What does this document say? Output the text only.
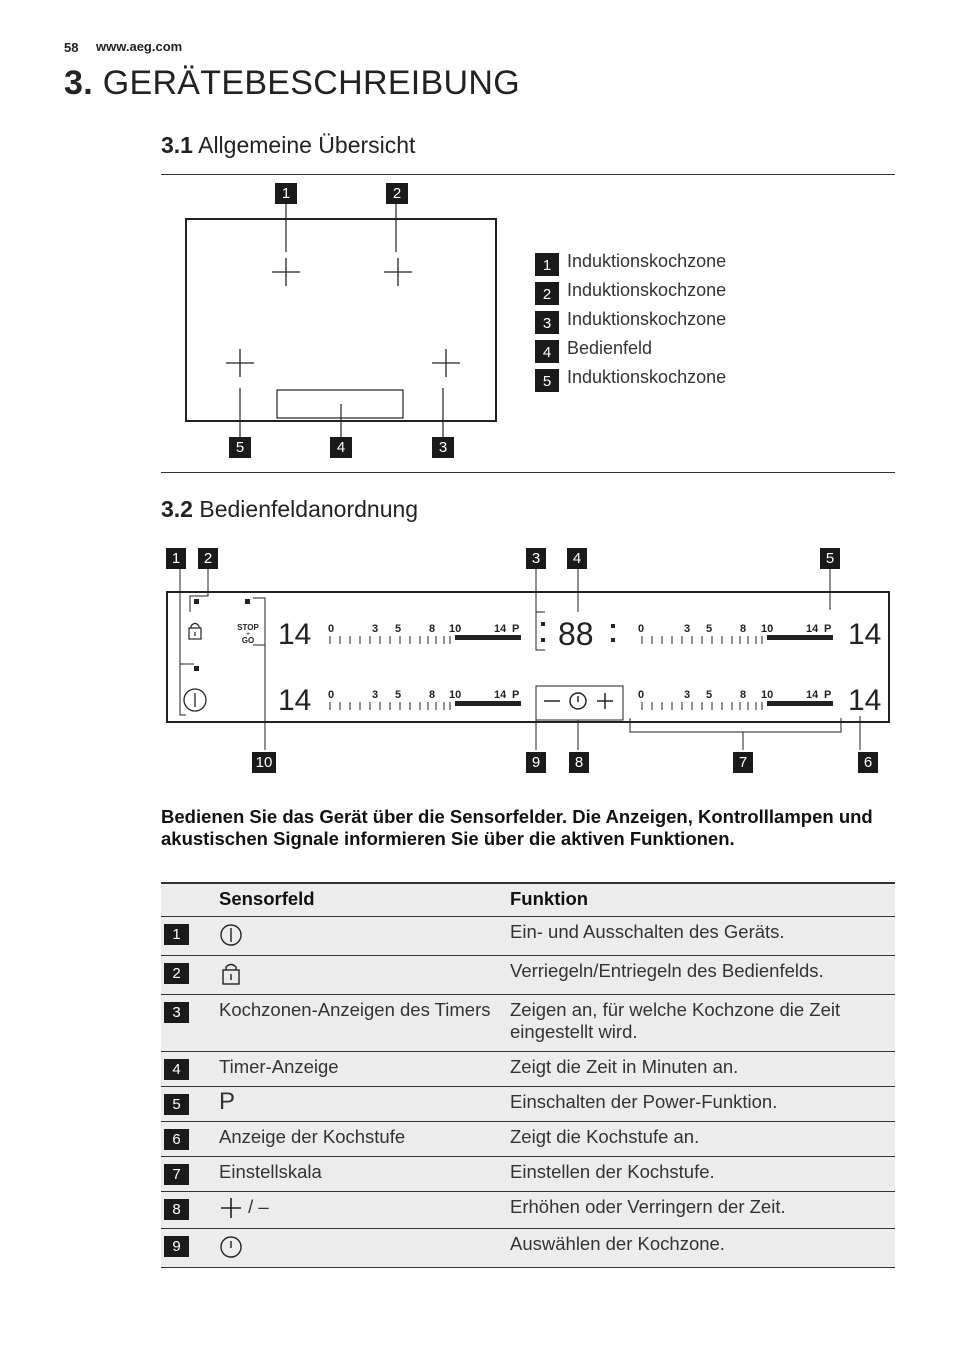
58 www.aeg.com
3. GERÄTEBESCHREIBUNG
3.1 Allgemeine Übersicht
1	2
5	4	3
1 Induktionskochzone
2 Induktionskochzone
3 Induktionskochzone
4 Bedienfeld
5 Induktionskochzone
3.2 Bedienfeldanordnung
STOP
+
GO 14
14
14
14
0	3 5	8 10	14 P
0	3 5	8 10	14 P
0	3 5	8 10	14 P
0	3 5	8 10	14 P
88
1	2	3	4	5
10	9	8	7	6
Bedienen Sie das Gerät über die Sensorfelder. Die Anzeigen, Kontrolllampen und akustischen Signale informieren Sie über die aktiven Funktionen.
	Sensorfeld	Funktion

1		Ein- und Ausschalten des Geräts.

2		Verriegeln/Entriegeln des Bedienfelds.

3	Kochzonen-Anzeigen des Timers	Zeigen an, für welche Kochzone die Zeit eingestellt wird.

4	Timer-Anzeige	Zeigt die Zeit in Minuten an.

5	P	Einschalten der Power-Funktion.

6	Anzeige der Kochstufe	Zeigt die Kochstufe an.

7	Einstellskala	Einstellen der Kochstufe.

8	/ –	Erhöhen oder Verringern der Zeit.

9		Auswählen der Kochzone.
